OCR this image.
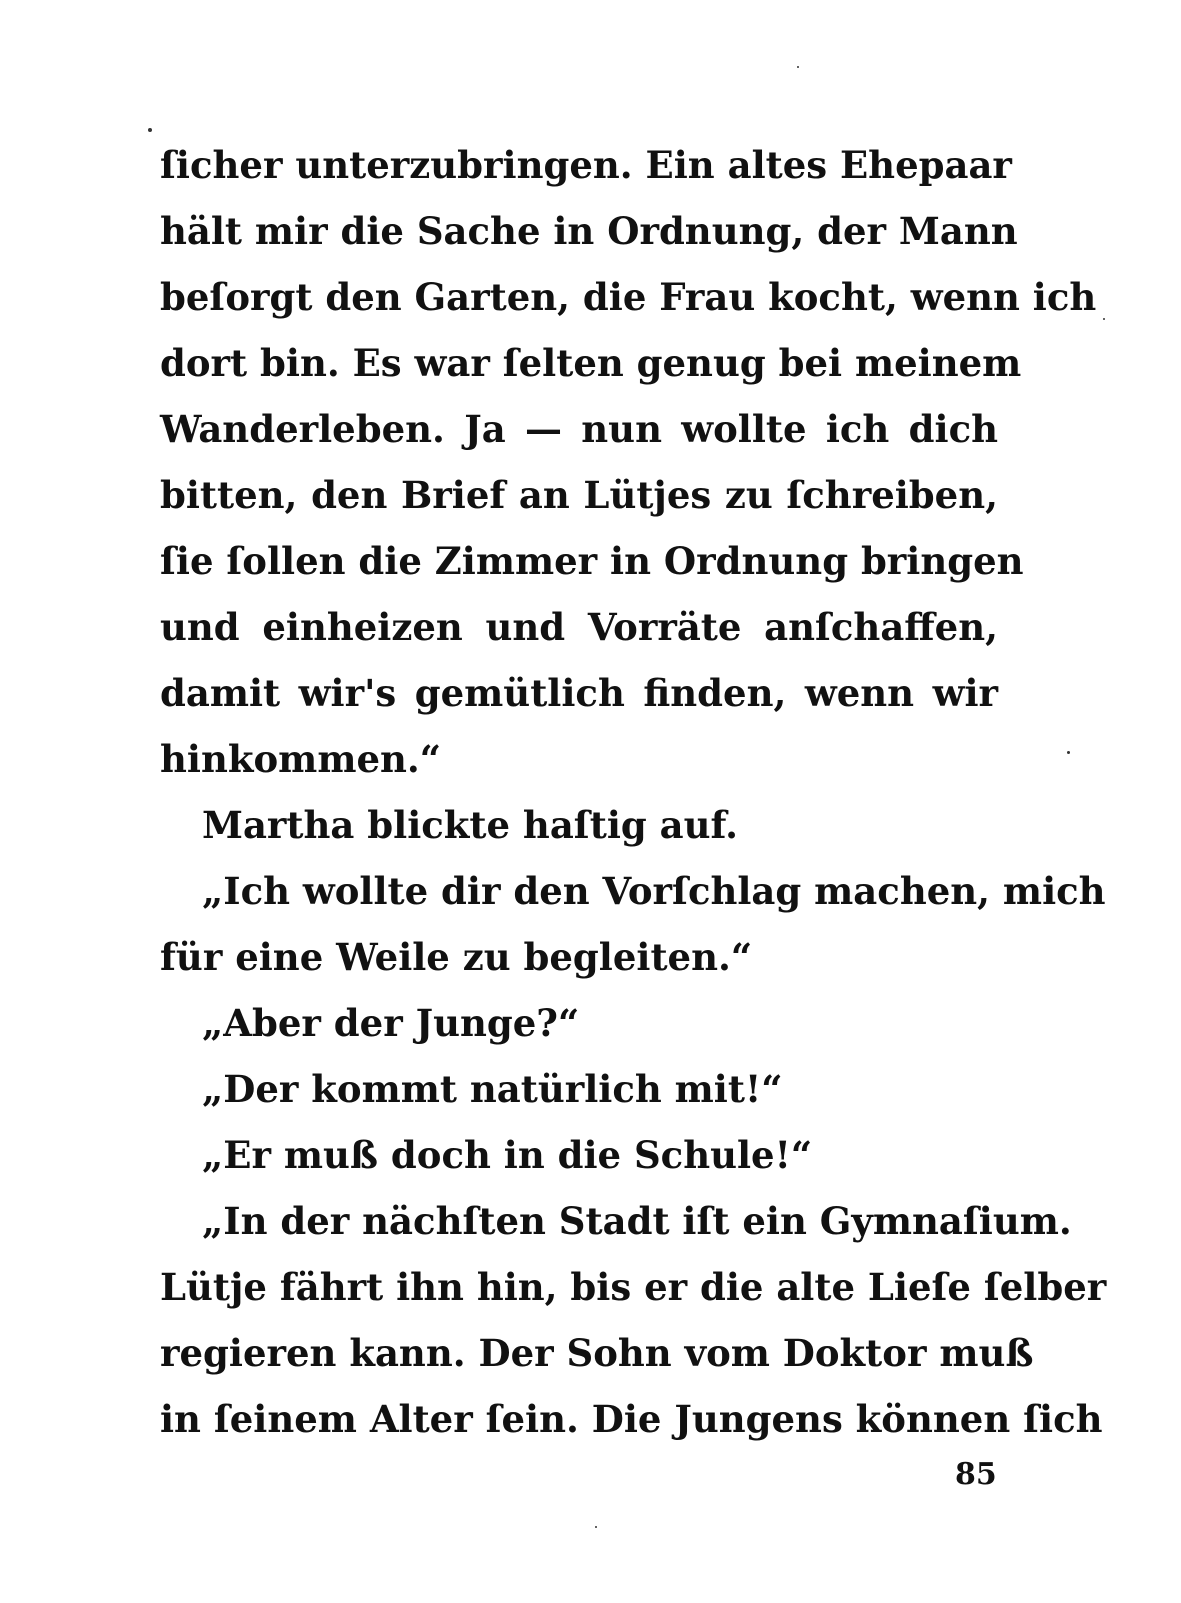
ſicher unterzubringen. Ein altes Ehepaar
hält mir die Sache in Ordnung, der Mann
beſorgt den Garten, die Frau kocht, wenn ich
dort bin. Es war ſelten genug bei meinem
Wanderleben. Ja — nun wollte ich dich
bitten, den Brief an Lütjes zu ſchreiben,
ſie ſollen die Zimmer in Ordnung bringen
und einheizen und Vorräte anſchaffen,
damit wir's gemütlich finden, wenn wir
hinkommen.“
Martha blickte haſtig auf.
„Ich wollte dir den Vorſchlag machen, mich
für eine Weile zu begleiten.“
„Aber der Junge?“
„Der kommt natürlich mit!“
„Er muß doch in die Schule!“
„In der nächſten Stadt iſt ein Gymnaſium.
Lütje fährt ihn hin, bis er die alte Lieſe ſelber
regieren kann. Der Sohn vom Doktor muß
in ſeinem Alter ſein. Die Jungens können ſich
85
